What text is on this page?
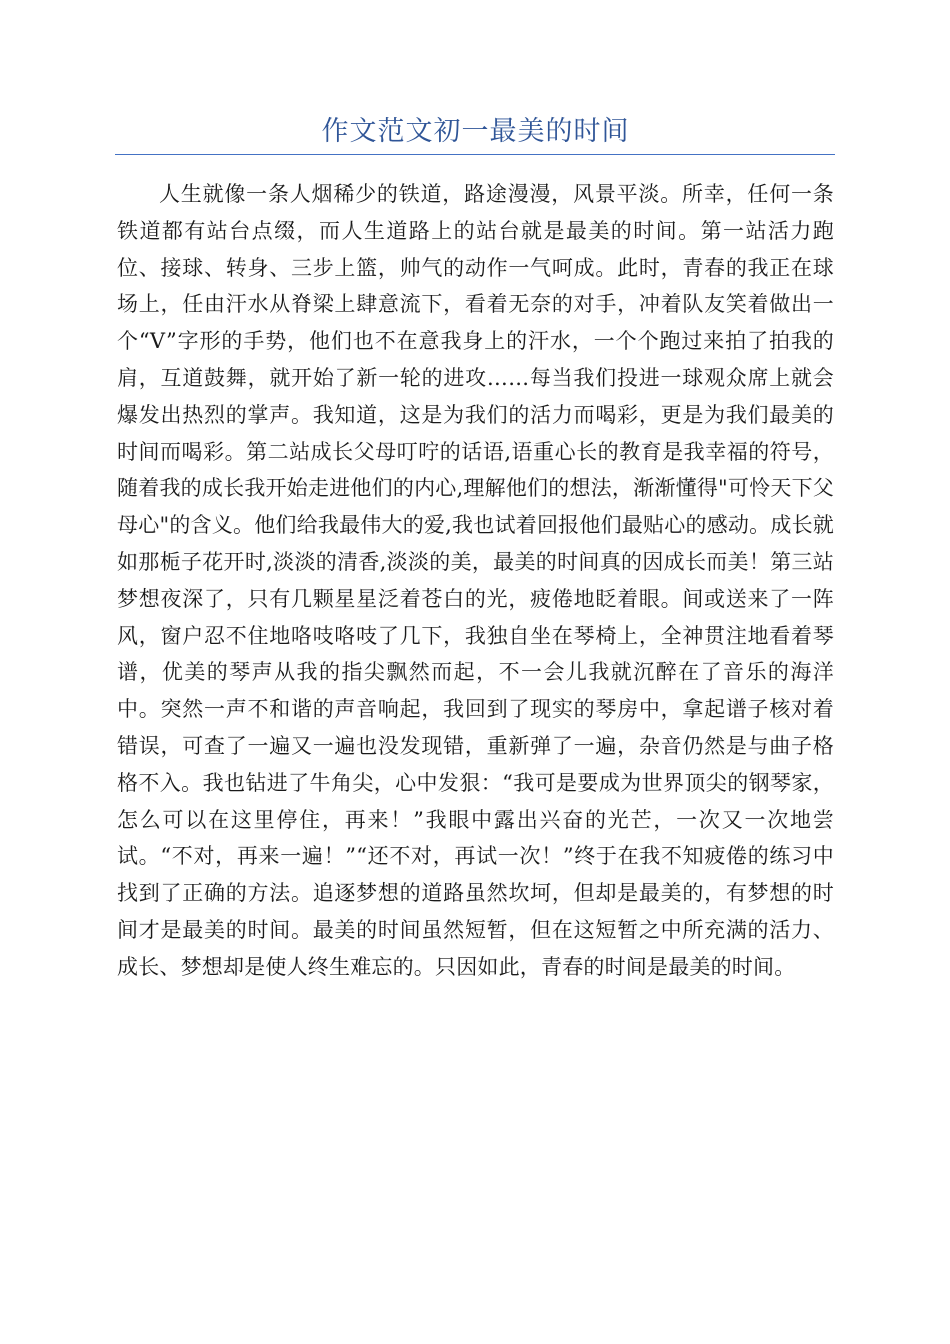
作文范文初一最美的时间

人生就像一条人烟稀少的铁道，路途漫漫，风景平淡。所幸，任何一条铁道都有站台点缀，而人生道路上的站台就是最美的时间。第一站活力跑位、接球、转身、三步上篮，帅气的动作一气呵成。此时，青春的我正在球场上，任由汗水从脊梁上肆意流下，看着无奈的对手，冲着队友笑着做出一个“V”字形的手势，他们也不在意我身上的汗水，一个个跑过来拍了拍我的肩，互道鼓舞，就开始了新一轮的进攻……每当我们投进一球观众席上就会爆发出热烈的掌声。我知道，这是为我们的活力而喝彩，更是为我们最美的时间而喝彩。第二站成长父母叮咛的话语,语重心长的教育是我幸福的符号，随着我的成长我开始走进他们的内心,理解他们的想法，渐渐懂得"可怜天下父母心"的含义。他们给我最伟大的爱,我也试着回报他们最贴心的感动。成长就如那栀子花开时,淡淡的清香,淡淡的美，最美的时间真的因成长而美！第三站梦想夜深了，只有几颗星星泛着苍白的光，疲倦地眨着眼。间或送来了一阵风，窗户忍不住地咯吱咯吱了几下，我独自坐在琴椅上，全神贯注地看着琴谱，优美的琴声从我的指尖飘然而起，不一会儿我就沉醉在了音乐的海洋中。突然一声不和谐的声音响起，我回到了现实的琴房中，拿起谱子核对着错误，可查了一遍又一遍也没发现错，重新弹了一遍，杂音仍然是与曲子格格不入。我也钻进了牛角尖，心中发狠：“我可是要成为世界顶尖的钢琴家，怎么可以在这里停住，再来！”我眼中露出兴奋的光芒，一次又一次地尝试。“不对，再来一遍！”“还不对，再试一次！”终于在我不知疲倦的练习中找到了正确的方法。追逐梦想的道路虽然坎坷，但却是最美的，有梦想的时间才是最美的时间。最美的时间虽然短暂，但在这短暂之中所充满的活力、成长、梦想却是使人终生难忘的。只因如此，青春的时间是最美的时间。
